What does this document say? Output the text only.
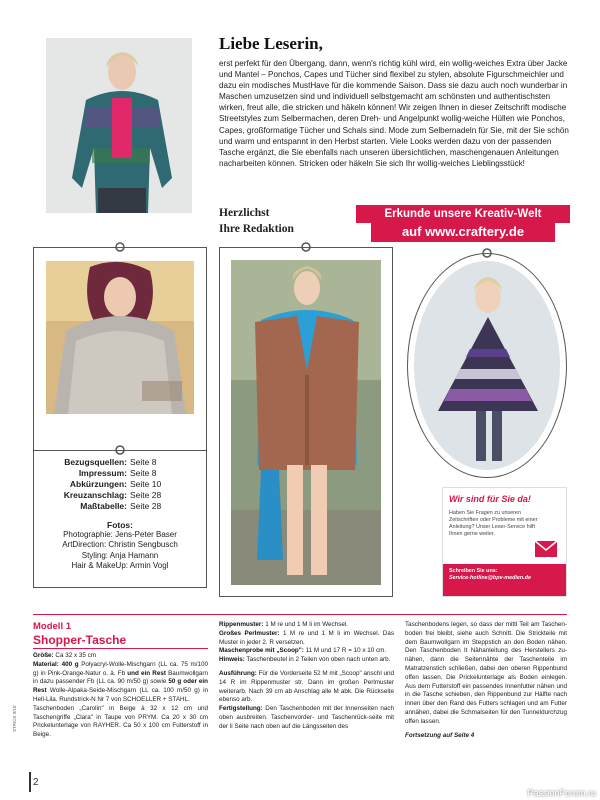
Liebe Leserin,
erst perfekt für den Übergang, dann, wenn's richtig kühl wird, ein wollig-weiches Extra über Jacke und Mantel – Ponchos, Capes und Tücher sind flexibel zu stylen, absolute Figurschmeichler und dazu ein modisches MustHave für die kommende Saison. Dass sie dazu auch noch wunderbar in Maschen umzusetzen sind und individuell selbstgemacht am schönsten und authentischsten wirken, freut alle, die stricken und häkeln können! Wir zeigen Ihnen in dieser Zeitschrift modische Streetstyles zum Selbermachen, deren Dreh- und Angelpunkt wollig-weiche Hüllen wie Ponchos, Capes, großformatige Tücher und Schals sind. Mode zum Selbernadeln für Sie, mit der Sie schön und warm und entspannt in den Herbst starten. Viele Looks werden dazu von der passenden Tasche ergänzt, die Sie ebenfalls nach unseren übersichtlichen, maschengenauen Anleitungen nacharbeiten können. Stricken oder häkeln Sie sich Ihr wollig-weiches Lieblingsstück!
Herzlichst
Ihre Redaktion
Erkunde unsere Kreativ-Welt
auf www.craftery.de
Bezugsquellen: Seite 8
Impressum: Seite 8
Abkürzungen: Seite 10
Kreuzanschlag: Seite 28
Maßtabelle: Seite 28
Fotos:
Photographie: Jens-Peter Baser
ArtDirection: Christin Sengbusch
Styling: Anja Hamann
Hair & MakeUp: Armin Vogl
Wir sind für Sie da!
Haben Sie Fragen zu unseren Zeitschriften oder Probleme mit einer Anleitung? Unser Leser-Service hilft Ihnen gerne weiter.
Schreiben Sie uns:
Service-hotline@bpv-medien.de
Modell 1
Shopper-Tasche

Größe: Ca 32 x 35 cm

Material: 400 g Polyacryl-Wolle-Mischgarn (LL ca. 75 m/100 g) in Pink-Orange-Natur o. ä. Fb und ein Rest Baumwollgarn in dazu passender Fb (LL ca. 90 m/50 g) sowie 50 g oder ein Rest Wolle-Alpaka-Seide-Mischgarn (LL ca. 100 m/50 g) in Hell-Lila. Rundstrick-N Nr 7 von SCHOELLER + STAHL.

Taschenboden „Carolin" in Beige à 32 x 12 cm und Taschengriffe „Clara" in Taupe von PRYM. Ca 20 x 30 cm Prickelunterlage von RAYHER. Ca 50 x 100 cm Futterstoff in Beige.

Rippenmuster: 1 M re und 1 M li im Wechsel.

Großes Perlmuster: 1 M re und 1 M li im Wechsel. Das Muster in jeder 2. R versetzen.

Maschenprobe mit „Scoop": 11 M und 17 R = 10 x 10 cm.

Hinweis: Taschenbeutel in 2 Teilen von oben nach unten arb.

Ausführung: Für die Vorderseite 52 M mit „Scoop" anschl und 14 R im Rippenmuster str. Dann im großen Perlmuster weiterarb. Nach 39 cm ab Anschlag alle M abk. Die Rückseite ebenso arb.

Fertigstellung: Den Taschenboden mit der Innenseiten nach oben ausbreiten. Taschenvorder- und Taschenrück-seite mit der li Seite nach oben auf die Längsseiten des

Taschenbodens legen, so dass der mittl Teil am Taschen-boden frei bleibt, siehe auch Schnitt. Die Strickteile mit dem Baumwollgarn im Steppstich an den Boden nähen. Den Taschenboden lt Nähanleitung des Herstellers zu-nähen, dann die Seitennähte der Taschenteile im Matratzenstich schließen, dabei den oberen Rippenbund offen lassen. Die Prickelunterlage als Boden einlegen. Aus dem Futterstoff ein passendes Innenfutter nähen und in die Tasche schieben, den Rippenbund zur Hälfte nach innen über den Rand des Futters schlagen und am Futter annähen, dabei die Schmalseiten für den Tunneldurchzug offen lassen.

Fortsetzung auf Seite 4

2
STRICK 9/18
PassionForum.ru
